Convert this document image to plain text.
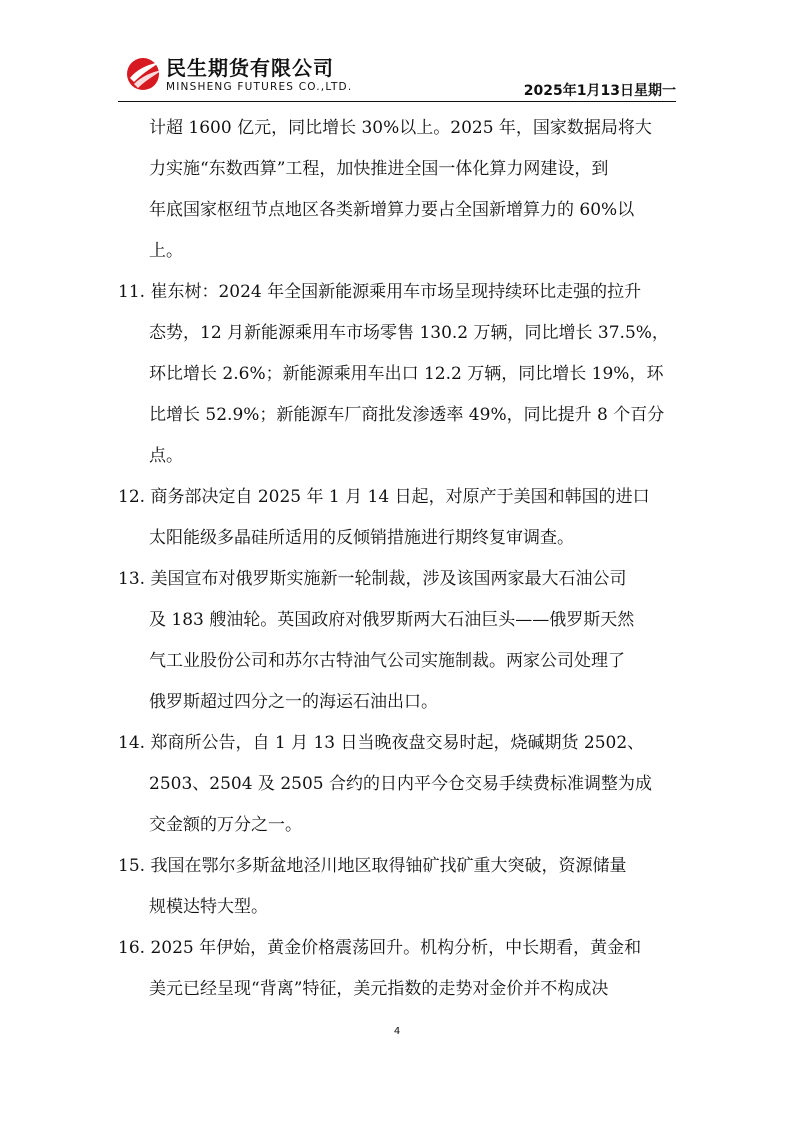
民生期货有限公司
MINSHENG FUTURES CO.,LTD.	2025年1月13日星期一
计超 1600 亿元，同比增长 30%以上。2025 年，国家数据局将大
力实施“东数西算”工程，加快推进全国一体化算力网建设，到
年底国家枢纽节点地区各类新增算力要占全国新增算力的 60%以
上。
11. 崔东树：2024 年全国新能源乘用车市场呈现持续环比走强的拉升
态势，12 月新能源乘用车市场零售 130.2 万辆，同比增长 37.5%，
环比增长 2.6%；新能源乘用车出口 12.2 万辆，同比增长 19%，环
比增长 52.9%；新能源车厂商批发渗透率 49%，同比提升 8 个百分
点。
12. 商务部决定自 2025 年 1 月 14 日起，对原产于美国和韩国的进口
太阳能级多晶硅所适用的反倾销措施进行期终复审调查。
13. 美国宣布对俄罗斯实施新一轮制裁，涉及该国两家最大石油公司
及 183 艘油轮。英国政府对俄罗斯两大石油巨头——俄罗斯天然
气工业股份公司和苏尔古特油气公司实施制裁。两家公司处理了
俄罗斯超过四分之一的海运石油出口。
14. 郑商所公告，自 1 月 13 日当晚夜盘交易时起，烧碱期货 2502、
2503、2504 及 2505 合约的日内平今仓交易手续费标准调整为成
交金额的万分之一。
15. 我国在鄂尔多斯盆地泾川地区取得铀矿找矿重大突破，资源储量
规模达特大型。
16. 2025 年伊始，黄金价格震荡回升。机构分析，中长期看，黄金和
美元已经呈现“背离”特征，美元指数的走势对金价并不构成决
4
